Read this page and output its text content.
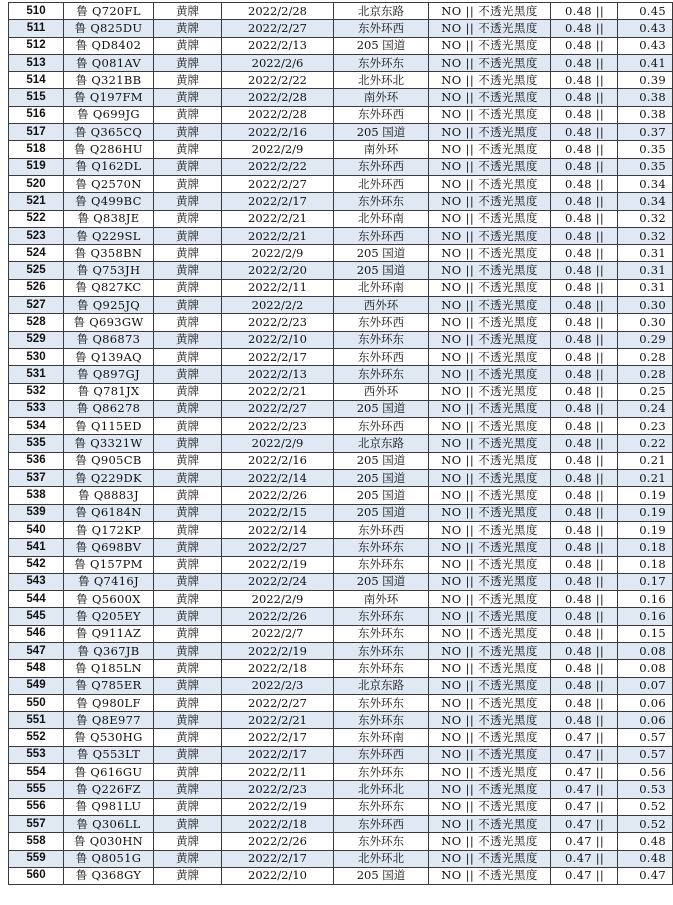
510	鲁 Q720FL	黄牌	2022/2/28	北京东路	NO || 不透光黑度	0.48 ||	0.45
511	鲁 Q825DU	黄牌	2022/2/27	东外环西	NO || 不透光黑度	0.48 ||	0.43
512	鲁 QD8402	黄牌	2022/2/13	205 国道	NO || 不透光黑度	0.48 ||	0.43
513	鲁 Q081AV	黄牌	2022/2/6	东外环东	NO || 不透光黑度	0.48 ||	0.41
514	鲁 Q321BB	黄牌	2022/2/22	北外环北	NO || 不透光黑度	0.48 ||	0.39
515	鲁 Q197FM	黄牌	2022/2/28	南外环	NO || 不透光黑度	0.48 ||	0.38
516	鲁 Q699JG	黄牌	2022/2/28	东外环西	NO || 不透光黑度	0.48 ||	0.38
517	鲁 Q365CQ	黄牌	2022/2/16	205 国道	NO || 不透光黑度	0.48 ||	0.37
518	鲁 Q286HU	黄牌	2022/2/9	南外环	NO || 不透光黑度	0.48 ||	0.35
519	鲁 Q162DL	黄牌	2022/2/22	东外环西	NO || 不透光黑度	0.48 ||	0.35
520	鲁 Q2570N	黄牌	2022/2/27	北外环西	NO || 不透光黑度	0.48 ||	0.34
521	鲁 Q499BC	黄牌	2022/2/17	东外环东	NO || 不透光黑度	0.48 ||	0.34
522	鲁 Q838JE	黄牌	2022/2/21	北外环南	NO || 不透光黑度	0.48 ||	0.32
523	鲁 Q229SL	黄牌	2022/2/21	东外环西	NO || 不透光黑度	0.48 ||	0.32
524	鲁 Q358BN	黄牌	2022/2/9	205 国道	NO || 不透光黑度	0.48 ||	0.31
525	鲁 Q753JH	黄牌	2022/2/20	205 国道	NO || 不透光黑度	0.48 ||	0.31
526	鲁 Q827KC	黄牌	2022/2/11	北外环南	NO || 不透光黑度	0.48 ||	0.31
527	鲁 Q925JQ	黄牌	2022/2/2	西外环	NO || 不透光黑度	0.48 ||	0.30
528	鲁 Q693GW	黄牌	2022/2/23	东外环西	NO || 不透光黑度	0.48 ||	0.30
529	鲁 Q86873	黄牌	2022/2/10	东外环东	NO || 不透光黑度	0.48 ||	0.29
530	鲁 Q139AQ	黄牌	2022/2/17	东外环西	NO || 不透光黑度	0.48 ||	0.28
531	鲁 Q897GJ	黄牌	2022/2/13	东外环东	NO || 不透光黑度	0.48 ||	0.28
532	鲁 Q781JX	黄牌	2022/2/21	西外环	NO || 不透光黑度	0.48 ||	0.25
533	鲁 Q86278	黄牌	2022/2/27	205 国道	NO || 不透光黑度	0.48 ||	0.24
534	鲁 Q115ED	黄牌	2022/2/23	东外环西	NO || 不透光黑度	0.48 ||	0.23
535	鲁 Q3321W	黄牌	2022/2/9	北京东路	NO || 不透光黑度	0.48 ||	0.22
536	鲁 Q905CB	黄牌	2022/2/16	205 国道	NO || 不透光黑度	0.48 ||	0.21
537	鲁 Q229DK	黄牌	2022/2/14	205 国道	NO || 不透光黑度	0.48 ||	0.21
538	鲁 Q8883J	黄牌	2022/2/26	205 国道	NO || 不透光黑度	0.48 ||	0.19
539	鲁 Q6184N	黄牌	2022/2/15	205 国道	NO || 不透光黑度	0.48 ||	0.19
540	鲁 Q172KP	黄牌	2022/2/14	东外环西	NO || 不透光黑度	0.48 ||	0.19
541	鲁 Q698BV	黄牌	2022/2/27	东外环东	NO || 不透光黑度	0.48 ||	0.18
542	鲁 Q157PM	黄牌	2022/2/19	东外环东	NO || 不透光黑度	0.48 ||	0.18
543	鲁 Q7416J	黄牌	2022/2/24	205 国道	NO || 不透光黑度	0.48 ||	0.17
544	鲁 Q5600X	黄牌	2022/2/9	南外环	NO || 不透光黑度	0.48 ||	0.16
545	鲁 Q205EY	黄牌	2022/2/26	东外环东	NO || 不透光黑度	0.48 ||	0.16
546	鲁 Q911AZ	黄牌	2022/2/7	东外环东	NO || 不透光黑度	0.48 ||	0.15
547	鲁 Q367JB	黄牌	2022/2/19	东外环东	NO || 不透光黑度	0.48 ||	0.08
548	鲁 Q185LN	黄牌	2022/2/18	东外环东	NO || 不透光黑度	0.48 ||	0.08
549	鲁 Q785ER	黄牌	2022/2/3	北京东路	NO || 不透光黑度	0.48 ||	0.07
550	鲁 Q980LF	黄牌	2022/2/27	东外环东	NO || 不透光黑度	0.48 ||	0.06
551	鲁 Q8E977	黄牌	2022/2/21	东外环东	NO || 不透光黑度	0.48 ||	0.06
552	鲁 Q530HG	黄牌	2022/2/17	东外环南	NO || 不透光黑度	0.47 ||	0.57
553	鲁 Q553LT	黄牌	2022/2/17	东外环西	NO || 不透光黑度	0.47 ||	0.57
554	鲁 Q616GU	黄牌	2022/2/11	东外环东	NO || 不透光黑度	0.47 ||	0.56
555	鲁 Q226FZ	黄牌	2022/2/23	北外环北	NO || 不透光黑度	0.47 ||	0.53
556	鲁 Q981LU	黄牌	2022/2/19	东外环东	NO || 不透光黑度	0.47 ||	0.52
557	鲁 Q306LL	黄牌	2022/2/18	东外环西	NO || 不透光黑度	0.47 ||	0.52
558	鲁 Q030HN	黄牌	2022/2/26	东外环东	NO || 不透光黑度	0.47 ||	0.48
559	鲁 Q8051G	黄牌	2022/2/17	北外环北	NO || 不透光黑度	0.47 ||	0.48
560	鲁 Q368GY	黄牌	2022/2/10	205 国道	NO || 不透光黑度	0.47 ||	0.47
